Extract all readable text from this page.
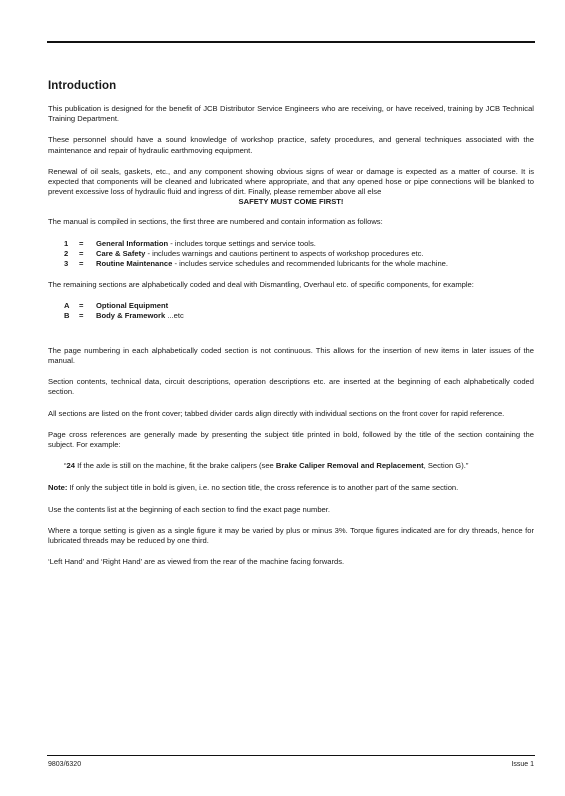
Introduction

This publication is designed for the benefit of JCB Distributor Service Engineers who are receiving, or have received, training by JCB Technical Training Department.

These personnel should have a sound knowledge of workshop practice, safety procedures, and general techniques associated with the maintenance and repair of hydraulic earthmoving equipment.

Renewal of oil seals, gaskets, etc., and any component showing obvious signs of wear or damage is expected as a matter of course. It is expected that components will be cleaned and lubricated where appropriate, and that any opened hose or pipe connections will be blanked to prevent excessive loss of hydraulic fluid and ingress of dirt. Finally, please remember above all else

SAFETY MUST COME FIRST!

The manual is compiled in sections, the first three are numbered and contain information as follows:

1	=	General Information - includes torque settings and service tools.
2	=	Care & Safety - includes warnings and cautions pertinent to aspects of workshop procedures etc.
3	=	Routine Maintenance - includes service schedules and recommended lubricants for the whole machine.

The remaining sections are alphabetically coded and deal with Dismantling, Overhaul etc. of specific components, for example:

A	=	Optional Equipment
B	=	Body & Framework ...etc

The page numbering in each alphabetically coded section is not continuous. This allows for the insertion of new items in later issues of the manual.

Section contents, technical data, circuit descriptions, operation descriptions etc. are inserted at the beginning of each alphabetically coded section.

All sections are listed on the front cover; tabbed divider cards align directly with individual sections on the front cover for rapid reference.

Page cross references are generally made by presenting the subject title printed in bold, followed by the title of the section containing the subject. For example:

“24 If the axle is still on the machine, fit the brake calipers (see Brake Caliper Removal and Replacement, Section G).”

Note: If only the subject title in bold is given, i.e. no section title, the cross reference is to another part of the same section.

Use the contents list at the beginning of each section to find the exact page number.

Where a torque setting is given as a single figure it may be varied by plus or minus 3%. Torque figures indicated are for dry threads, hence for lubricated threads may be reduced by one third.

‘Left Hand’ and ‘Right Hand’ are as viewed from the rear of the machine facing forwards.

9803/6320	Issue 1
